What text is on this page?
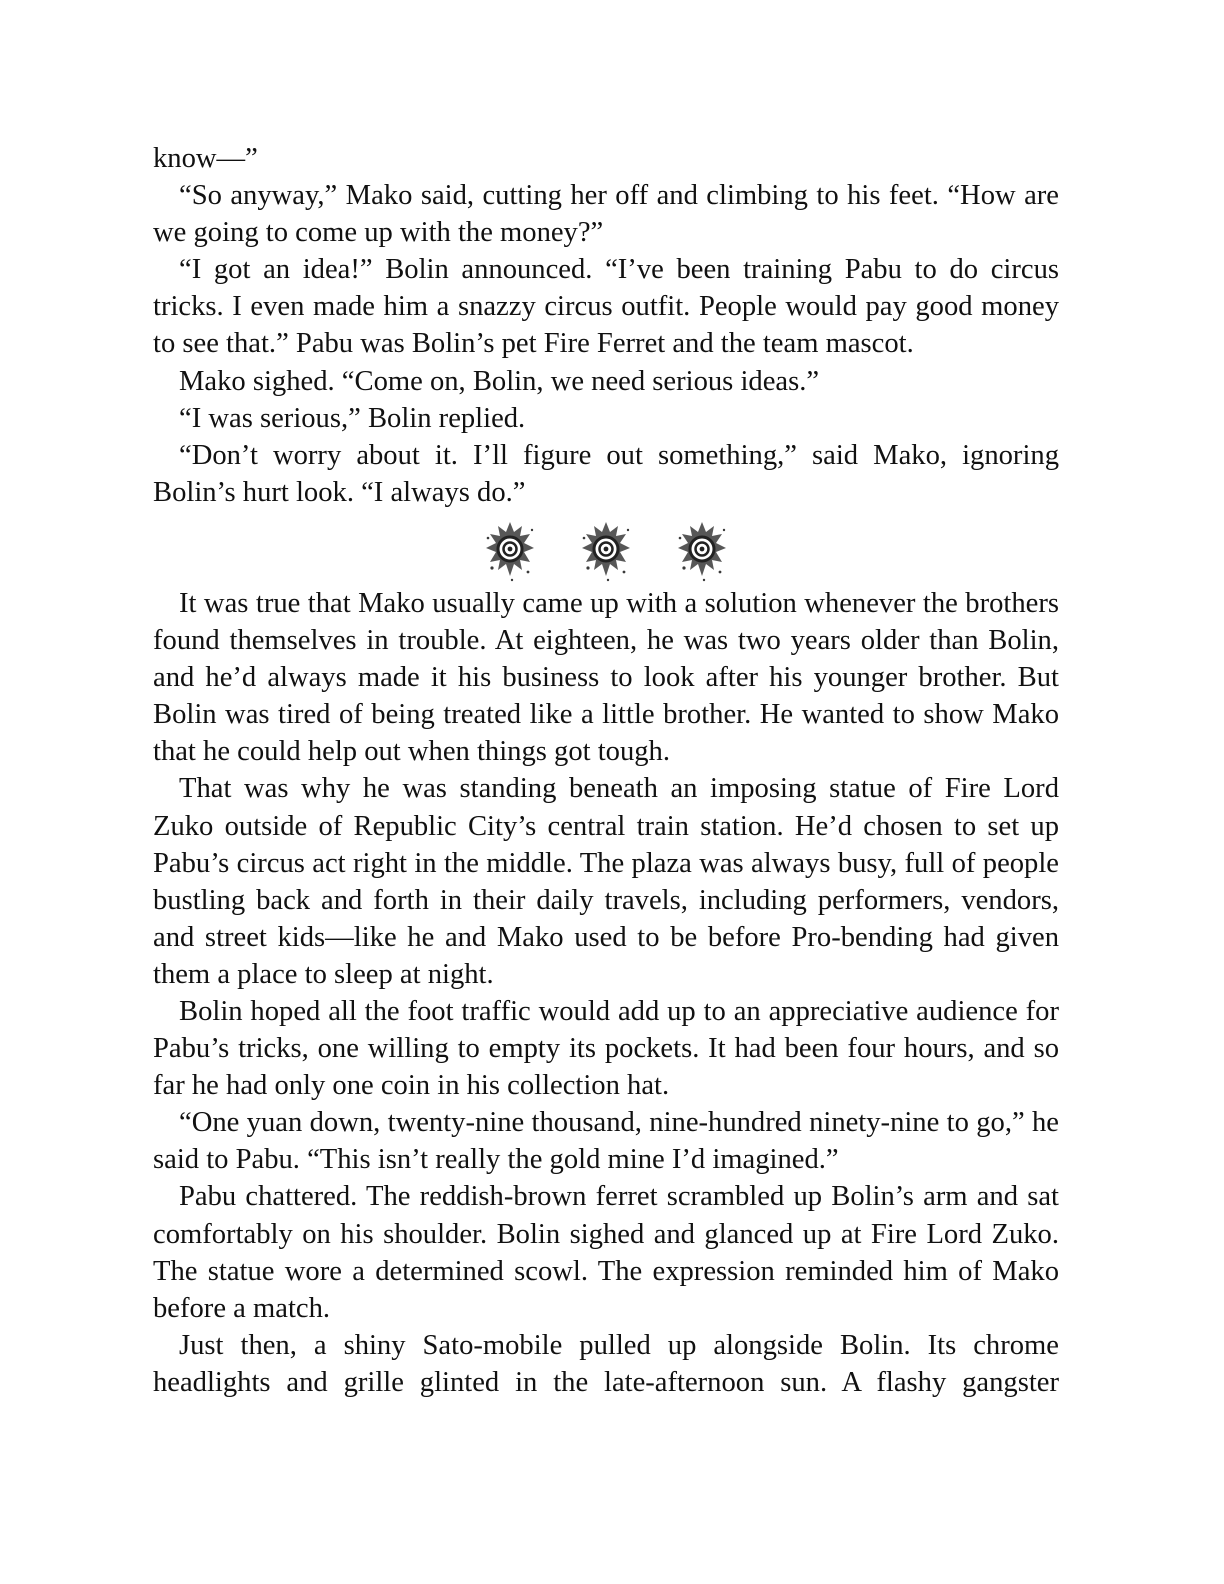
know—”

“So anyway,” Mako said, cutting her off and climbing to his feet. “How are we going to come up with the money?”

“I got an idea!” Bolin announced. “I’ve been training Pabu to do circus tricks. I even made him a snazzy circus outfit. People would pay good money to see that.” Pabu was Bolin’s pet Fire Ferret and the team mascot.

Mako sighed. “Come on, Bolin, we need serious ideas.”

“I was serious,” Bolin replied.

“Don’t worry about it. I’ll figure out something,” said Mako, ignoring Bolin’s hurt look. “I always do.”

It was true that Mako usually came up with a solution whenever the brothers found themselves in trouble. At eighteen, he was two years older than Bolin, and he’d always made it his business to look after his younger brother. But Bolin was tired of being treated like a little brother. He wanted to show Mako that he could help out when things got tough.

That was why he was standing beneath an imposing statue of Fire Lord Zuko outside of Republic City’s central train station. He’d chosen to set up Pabu’s circus act right in the middle. The plaza was always busy, full of people bustling back and forth in their daily travels, including performers, vendors, and street kids—like he and Mako used to be before Pro-bending had given them a place to sleep at night.

Bolin hoped all the foot traffic would add up to an appreciative audience for Pabu’s tricks, one willing to empty its pockets. It had been four hours, and so far he had only one coin in his collection hat.

“One yuan down, twenty-nine thousand, nine-hundred ninety-nine to go,” he said to Pabu. “This isn’t really the gold mine I’d imagined.”

Pabu chattered. The reddish-brown ferret scrambled up Bolin’s arm and sat comfortably on his shoulder. Bolin sighed and glanced up at Fire Lord Zuko. The statue wore a determined scowl. The expression reminded him of Mako before a match.

Just then, a shiny Sato-mobile pulled up alongside Bolin. Its chrome headlights and grille glinted in the late-afternoon sun. A flashy gangster
